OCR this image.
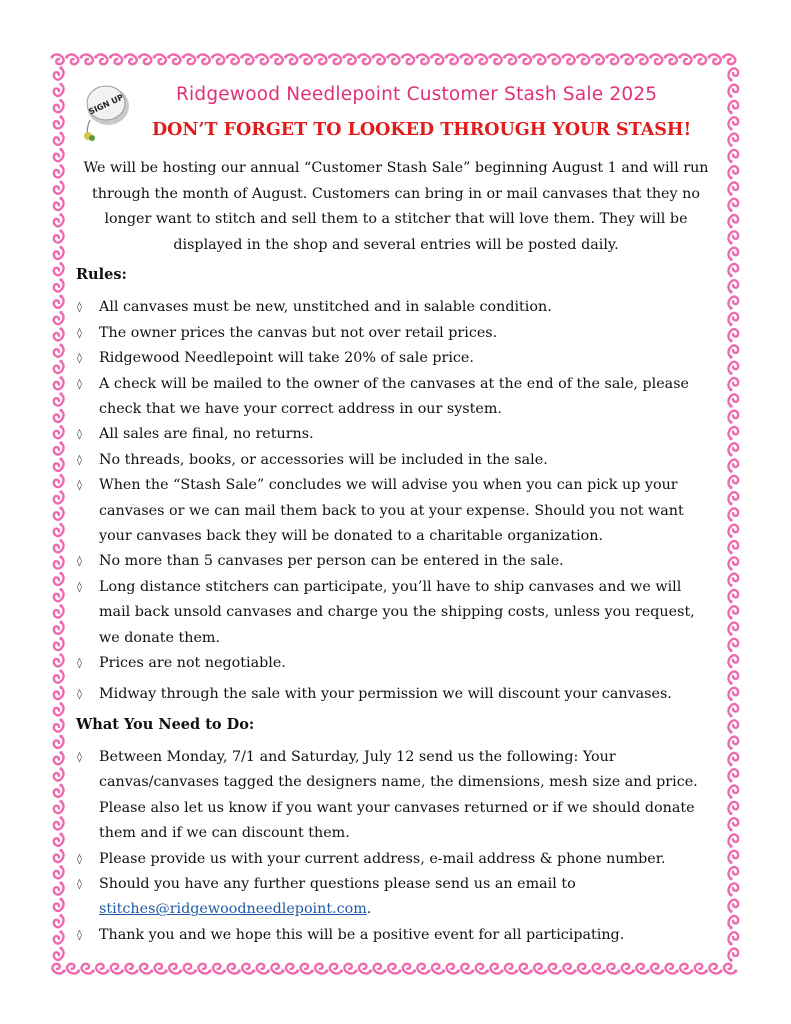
SIGN UP	Ridgewood Needlepoint Customer Stash Sale 2025
DON’T FORGET TO LOOKED THROUGH YOUR STASH!

We will be hosting our annual “Customer Stash Sale” beginning August 1 and will run through the month of August. Customers can bring in or mail canvases that they no longer want to stitch and sell them to a stitcher that will love them. They will be displayed in the shop and several entries will be posted daily.

Rules:
◊ All canvases must be new, unstitched and in salable condition.
◊ The owner prices the canvas but not over retail prices.
◊ Ridgewood Needlepoint will take 20% of sale price.
◊ A check will be mailed to the owner of the canvases at the end of the sale, please check that we have your correct address in our system.
◊ All sales are final, no returns.
◊ No threads, books, or accessories will be included in the sale.
◊ When the “Stash Sale” concludes we will advise you when you can pick up your canvases or we can mail them back to you at your expense. Should you not want your canvases back they will be donated to a charitable organization.
◊ No more than 5 canvases per person can be entered in the sale.
◊ Long distance stitchers can participate, you’ll have to ship canvases and we will mail back unsold canvases and charge you the shipping costs, unless you request, we donate them.
◊ Prices are not negotiable.
◊ Midway through the sale with your permission we will discount your canvases.
What You Need to Do:
◊ Between Monday, 7/1 and Saturday, July 12 send us the following: Your canvas/canvases tagged the designers name, the dimensions, mesh size and price. Please also let us know if you want your canvases returned or if we should donate them and if we can discount them.
◊ Please provide us with your current address, e-mail address & phone number.
◊ Should you have any further questions please send us an email to stitches@ridgewoodneedlepoint.com.
◊ Thank you and we hope this will be a positive event for all participating.
